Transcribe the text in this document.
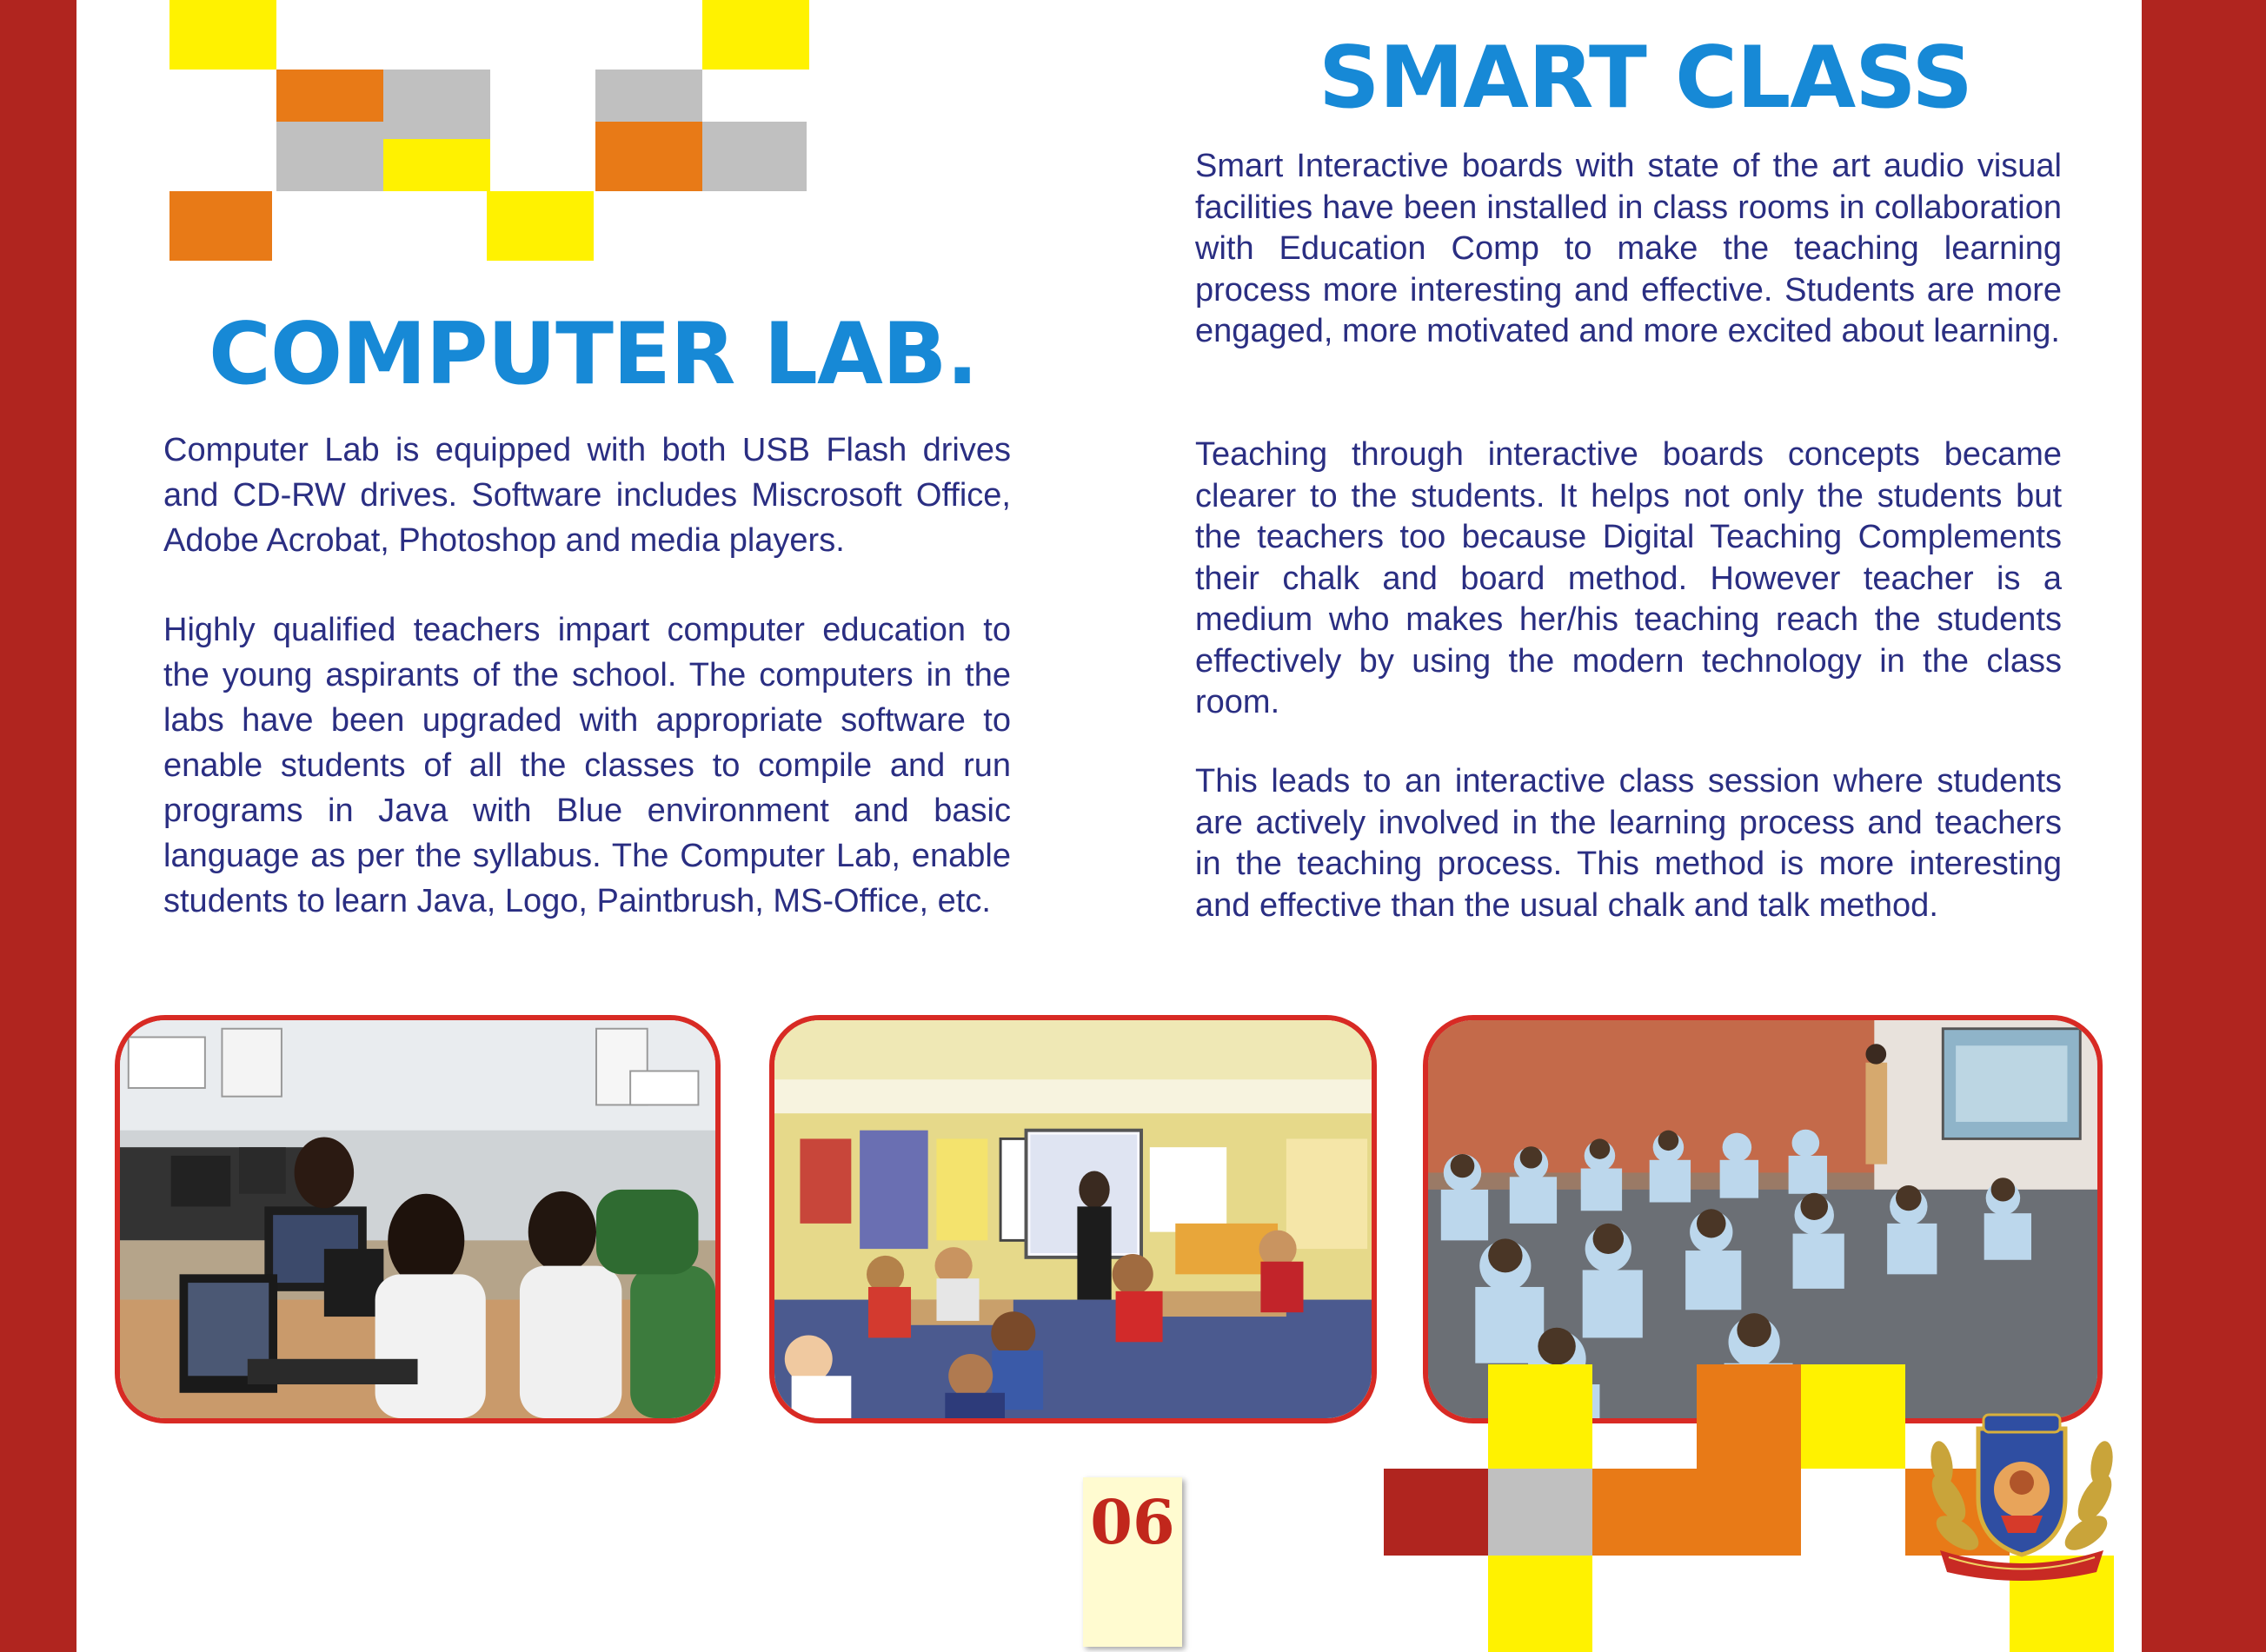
COMPUTER LAB.
SMART CLASS

Computer Lab is equipped with both USB Flash drives and CD-RW drives. Software includes Miscrosoft Office, Adobe Acrobat, Photoshop and media players.

Highly qualified teachers impart computer education to the young aspirants of the school. The computers in the labs have been upgraded with appropriate software to enable students of all the classes to compile and run programs in Java with Blue environment and basic language as per the syllabus. The Computer Lab, enable students to learn Java, Logo, Paintbrush, MS-Office, etc.

Smart Interactive boards with state of the art audio visual facilities have been installed in class rooms in collaboration with Education Comp to make the teaching learning process more interesting and effective. Students are more engaged, more motivated and more excited about learning.

Teaching through interactive boards concepts became clearer to the students. It helps not only the students but the teachers too because Digital Teaching Complements their chalk and board method. However teacher is a medium who makes her/his teaching reach the students effectively by using the modern technology in the class room.

This leads to an interactive class session where students are actively involved in the learning process and teachers in the teaching process. This method is more interesting and effective than the usual chalk and talk method.

06
